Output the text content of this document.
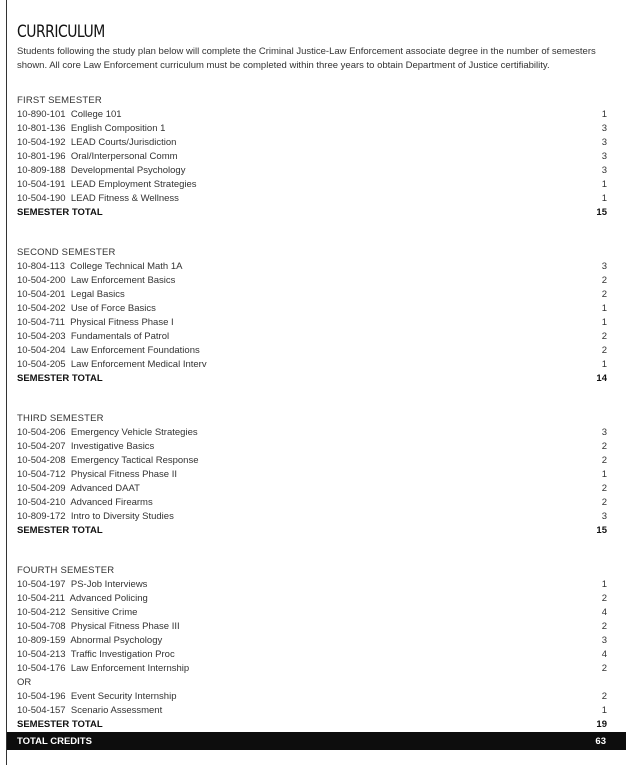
CURRICULUM
Students following the study plan below will complete the Criminal Justice-Law Enforcement associate degree in the number of semesters shown. All core Law Enforcement curriculum must be completed within three years to obtain Department of Justice certifiability.
FIRST SEMESTER
10-890-101  College 101	1
10-801-136  English Composition 1	3
10-504-192  LEAD Courts/Jurisdiction	3
10-801-196  Oral/Interpersonal Comm	3
10-809-188  Developmental Psychology	3
10-504-191  LEAD Employment Strategies	1
10-504-190  LEAD Fitness & Wellness	1
SEMESTER TOTAL	15
SECOND SEMESTER
10-804-113  College Technical Math 1A	3
10-504-200  Law Enforcement Basics	2
10-504-201  Legal Basics	2
10-504-202  Use of Force Basics	1
10-504-711  Physical Fitness Phase I	1
10-504-203  Fundamentals of Patrol	2
10-504-204  Law Enforcement Foundations	2
10-504-205  Law Enforcement Medical Interv	1
SEMESTER TOTAL	14
THIRD SEMESTER
10-504-206  Emergency Vehicle Strategies	3
10-504-207  Investigative Basics	2
10-504-208  Emergency Tactical Response	2
10-504-712  Physical Fitness Phase II	1
10-504-209  Advanced DAAT	2
10-504-210  Advanced Firearms	2
10-809-172  Intro to Diversity Studies	3
SEMESTER TOTAL	15
FOURTH SEMESTER
10-504-197  PS-Job Interviews	1
10-504-211  Advanced Policing	2
10-504-212  Sensitive Crime	4
10-504-708  Physical Fitness Phase III	2
10-809-159  Abnormal Psychology	3
10-504-213  Traffic Investigation Proc	4
10-504-176  Law Enforcement Internship	2
OR
10-504-196  Event Security Internship	2
10-504-157  Scenario Assessment	1
SEMESTER TOTAL	19
TOTAL CREDITS	63
